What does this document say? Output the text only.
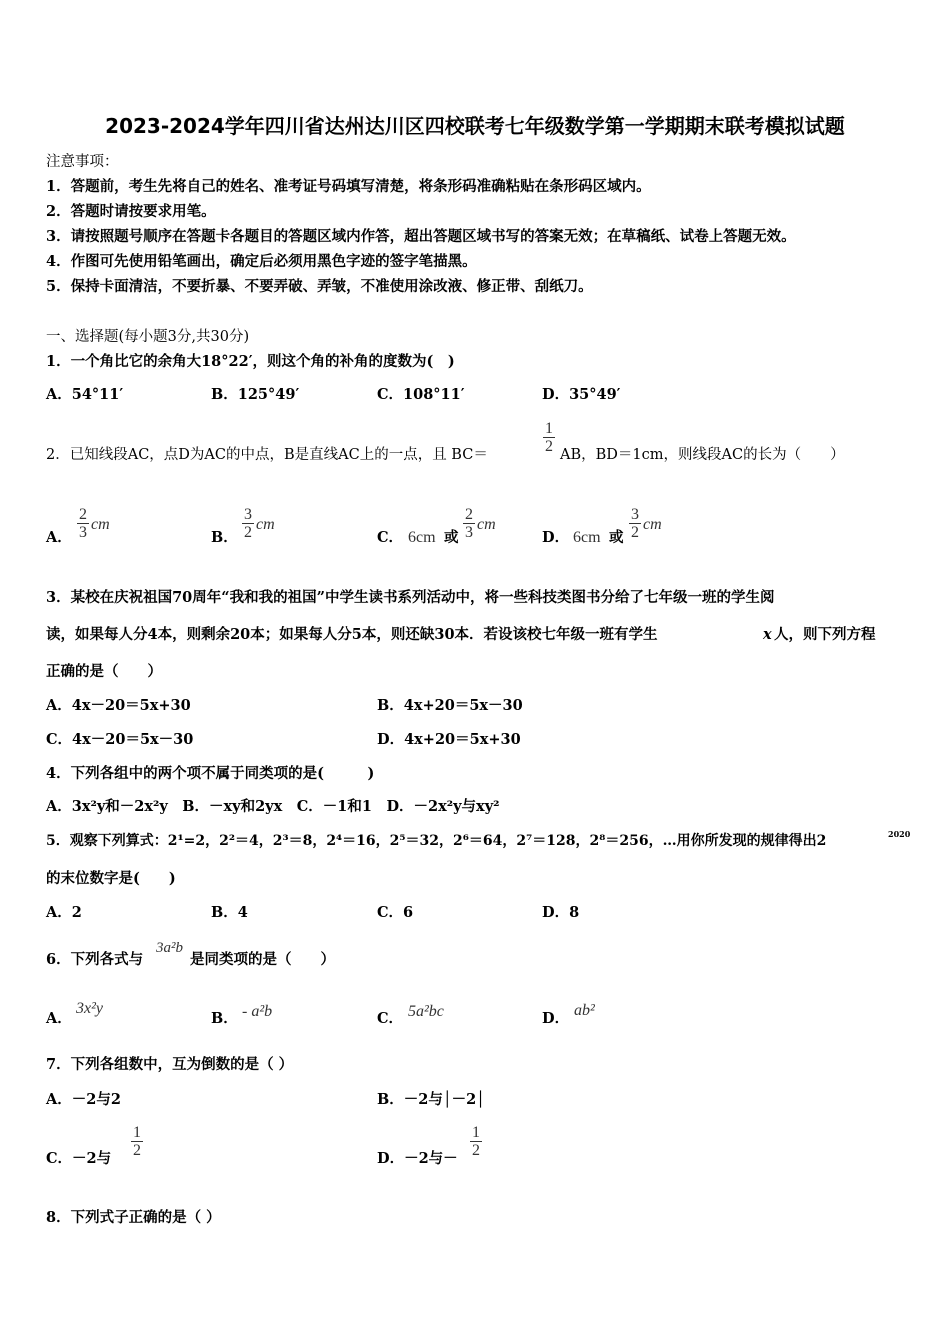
2023-2024学年四川省达州达川区四校联考七年级数学第一学期期末联考模拟试题
注意事项：
1．答题前，考生先将自己的姓名、准考证号码填写清楚，将条形码准确粘贴在条形码区域内。
2．答题时请按要求用笔。
3．请按照题号顺序在答题卡各题目的答题区域内作答，超出答题区域书写的答案无效；在草稿纸、试卷上答题无效。
4．作图可先使用铅笔画出，确定后必须用黑色字迹的签字笔描黑。
5．保持卡面清洁，不要折暴、不要弄破、弄皱，不准使用涂改液、修正带、刮纸刀。
一、选择题(每小题3分,共30分)
1．一个角比它的余角大18°22′，则这个角的补角的度数为(　)
A．54°11′	B．125°49′	C．108°11′	D．35°49′
2．已知线段AC，点D为AC的中点，B是直线AC上的一点，且 BC＝
1
2 AB，BD＝1cm，则线段AC的长为（　　）
A．
2
3 cm
B．
3
2 cm
C． 6cm 或
2
3 cm
D． 6cm 或
3
2 cm
3．某校在庆祝祖国70周年“我和我的祖国”中学生读书系列活动中，将一些科技类图书分给了七年级一班的学生阅
读，如果每人分4本，则剩余20本；如果每人分5本，则还缺30本．若设该校七年级一班有学生	x 人，则下列方程
正确的是（　　）
A．4x－20＝5x+30	B．4x+20＝5x－30
C．4x－20＝5x－30	D．4x+20＝5x+30
4．下列各组中的两个项不属于同类项的是(　　　)
A．3x²y和－2x²y　B．－xy和2yx　C．－1和1　D．－2x²y与xy²
5．观察下列算式：2¹=2，2²＝4，2³＝8，2⁴＝16，2⁵＝32，2⁶＝64，2⁷＝128，2⁸＝256，…用你所发现的规律得出2	2020
的末位数字是(　　)
A．2	B．4	C．6	D．8
6．下列各式与
3a²b
是同类项的是（　　）
A．
3x²y
B． - a²b	C． 5a²bc	D． ab²
7．下列各组数中，互为倒数的是（ ）
A．－2与2	B．－2与│－2│
C．－2与
1
2	D．－2与－
1
2
8．下列式子正确的是（ ）
